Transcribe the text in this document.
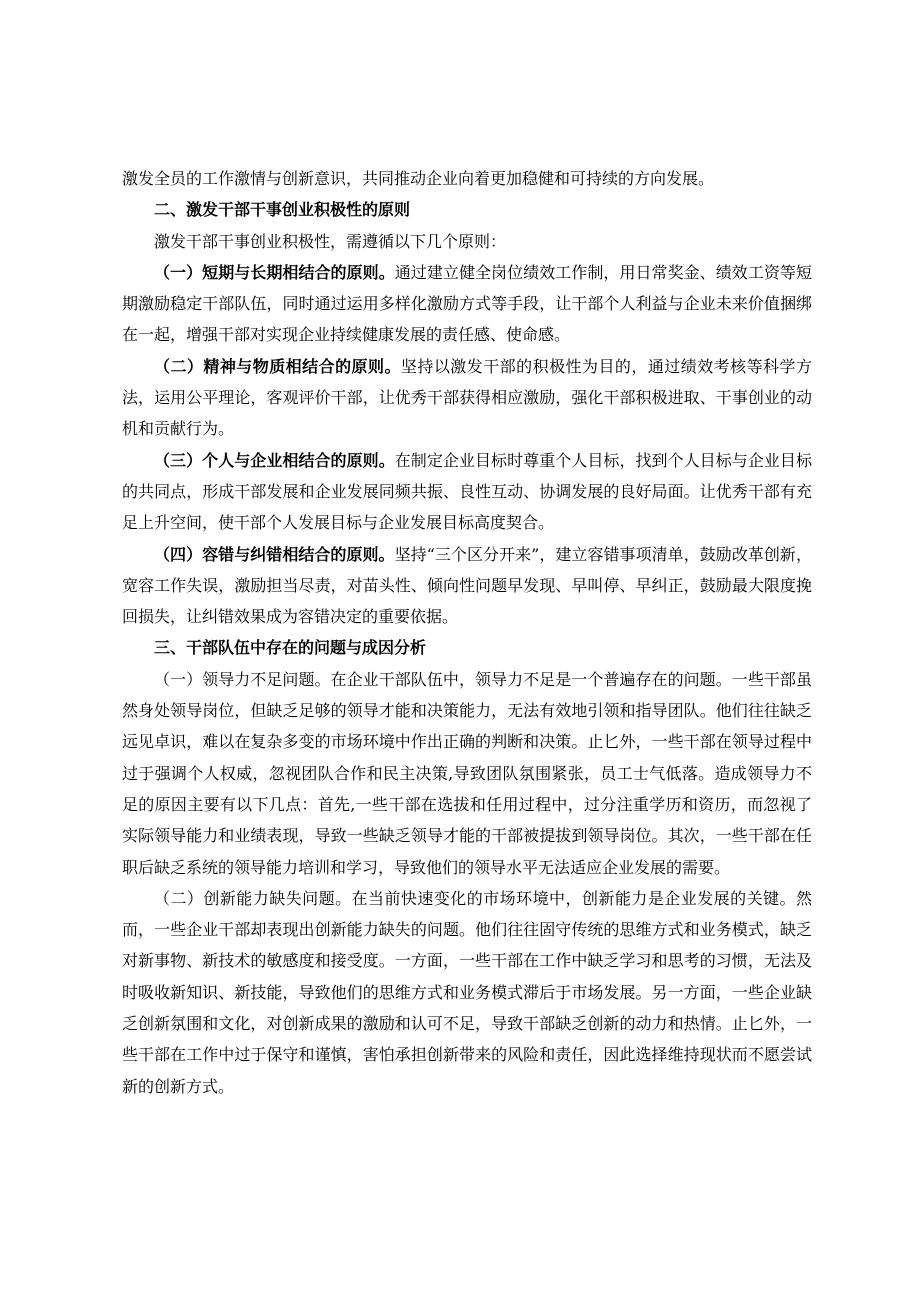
激发全员的工作激情与创新意识，共同推动企业向着更加稳健和可持续的方向发展。

二、激发干部干事创业积极性的原则

激发干部干事创业积极性，需遵循以下几个原则：

（一）短期与长期相结合的原则。通过建立健全岗位绩效工作制，用日常奖金、绩效工资等短期激励稳定干部队伍，同时通过运用多样化激励方式等手段，让干部个人利益与企业未来价值捆绑在一起，增强干部对实现企业持续健康发展的责任感、使命感。

（二）精神与物质相结合的原则。坚持以激发干部的积极性为目的，通过绩效考核等科学方法，运用公平理论，客观评价干部，让优秀干部获得相应激励，强化干部积极进取、干事创业的动机和贡献行为。

（三）个人与企业相结合的原则。在制定企业目标时尊重个人目标，找到个人目标与企业目标的共同点，形成干部发展和企业发展同频共振、良性互动、协调发展的良好局面。让优秀干部有充足上升空间，使干部个人发展目标与企业发展目标高度契合。

（四）容错与纠错相结合的原则。坚持“三个区分开来”，建立容错事项清单，鼓励改革创新，宽容工作失误，激励担当尽责，对苗头性、倾向性问题早发现、早叫停、早纠正，鼓励最大限度挽回损失，让纠错效果成为容错决定的重要依据。

三、干部队伍中存在的问题与成因分析

（一）领导力不足问题。在企业干部队伍中，领导力不足是一个普遍存在的问题。一些干部虽然身处领导岗位，但缺乏足够的领导才能和决策能力，无法有效地引领和指导团队。他们往往缺乏远见卓识，难以在复杂多变的市场环境中作出正确的判断和决策。止匕外，一些干部在领导过程中过于强调个人权威，忽视团队合作和民主决策,导致团队氛围紧张，员工士气低落。造成领导力不足的原因主要有以下几点：首先,一些干部在选拔和任用过程中，过分注重学历和资历，而忽视了实际领导能力和业绩表现，导致一些缺乏领导才能的干部被提拔到领导岗位。其次，一些干部在任职后缺乏系统的领导能力培训和学习，导致他们的领导水平无法适应企业发展的需要。

（二）创新能力缺失问题。在当前快速变化的市场环境中，创新能力是企业发展的关键。然而，一些企业干部却表现出创新能力缺失的问题。他们往往固守传统的思维方式和业务模式，缺乏对新事物、新技术的敏感度和接受度。一方面，一些干部在工作中缺乏学习和思考的习惯，无法及时吸收新知识、新技能，导致他们的思维方式和业务模式滞后于市场发展。另一方面，一些企业缺乏创新氛围和文化，对创新成果的激励和认可不足，导致干部缺乏创新的动力和热情。止匕外，一些干部在工作中过于保守和谨慎，害怕承担创新带来的风险和责任，因此选择维持现状而不愿尝试新的创新方式。
